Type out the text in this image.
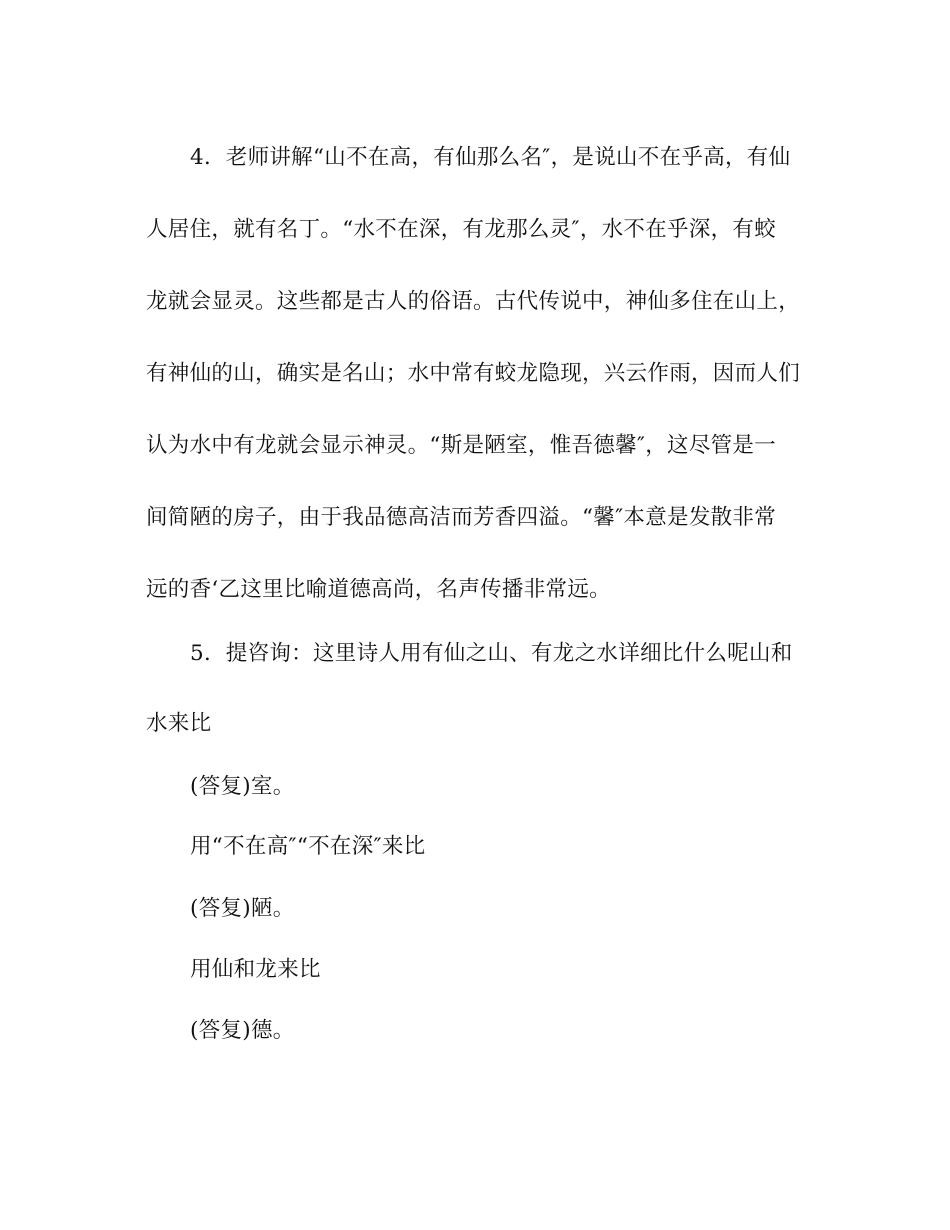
4．老师讲解“山不在高，有仙那么名″，是说山不在乎高，有仙
人居住，就有名丁。“水不在深，有龙那么灵″，水不在乎深，有蛟
龙就会显灵。这些都是古人的俗语。古代传说中，神仙多住在山上，
有神仙的山，确实是名山；水中常有蛟龙隐现，兴云作雨，因而人们
认为水中有龙就会显示神灵。“斯是陋室，惟吾德馨″，这尽管是一
间简陋的房子，由于我品德高洁而芳香四溢。“馨″本意是发散非常
远的香‘乙这里比喻道德高尚，名声传播非常远。
5．提咨询：这里诗人用有仙之山、有龙之水详细比什么呢山和
水来比
(答复)室。
用“不在高″“不在深″来比
(答复)陋。
用仙和龙来比
(答复)德。
